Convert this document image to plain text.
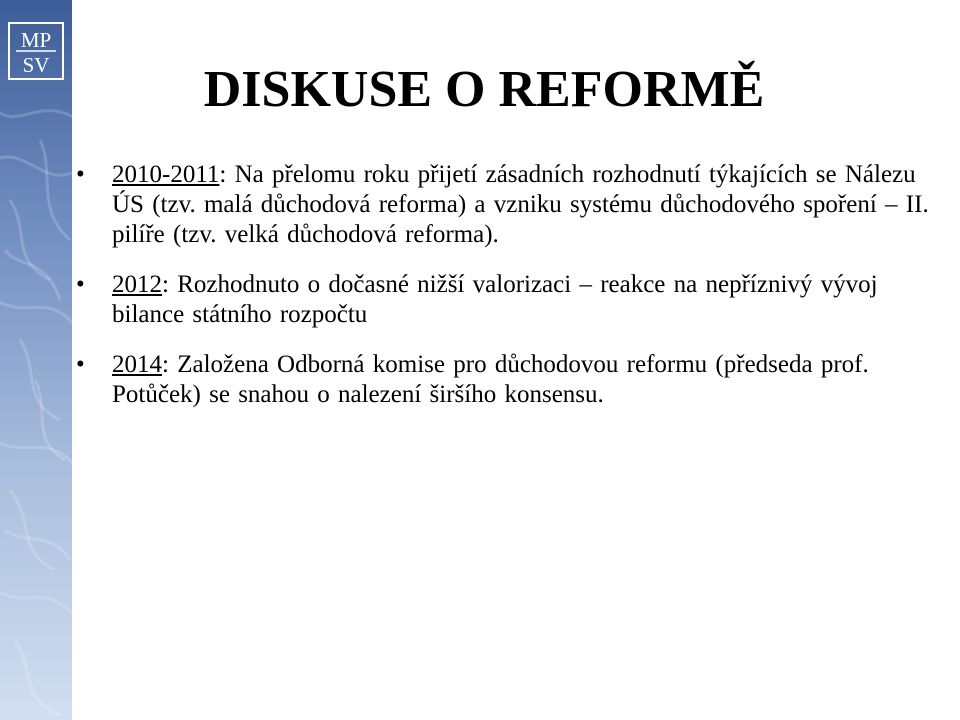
MP
SV	DISKUSE O REFORMĚ
• 2010-2011: Na přelomu roku přijetí zásadních rozhodnutí týkajících se Nálezu ÚS (tzv. malá důchodová reforma) a vzniku systému důchodového spoření – II. pilíře (tzv. velká důchodová reforma).
• 2012: Rozhodnuto o dočasné nižší valorizaci – reakce na nepříznivý vývoj bilance státního rozpočtu
• 2014: Založena Odborná komise pro důchodovou reformu (předseda prof. Potůček) se snahou o nalezení širšího konsensu.
